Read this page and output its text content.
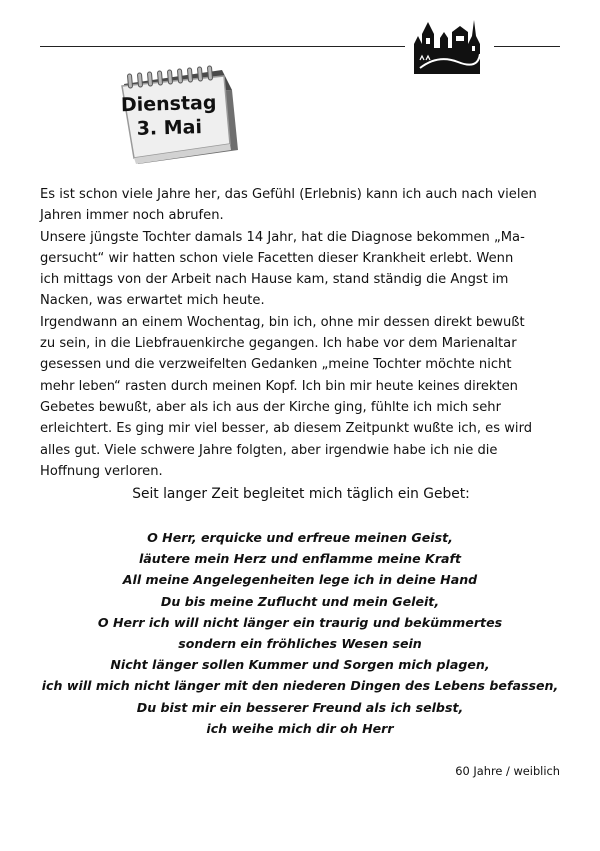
Dienstag
3. Mai
Es ist schon viele Jahre her, das Gefühl (Erlebnis) kann ich auch nach vielen
Jahren immer noch abrufen.
Unsere jüngste Tochter damals 14 Jahr, hat die Diagnose bekommen „Ma-
gersucht“ wir hatten schon viele Facetten dieser Krankheit erlebt. Wenn
ich mittags von der Arbeit nach Hause kam, stand ständig die Angst im
Nacken, was erwartet mich heute.
Irgendwann an einem Wochentag, bin ich, ohne mir dessen direkt bewußt
zu sein, in die Liebfrauenkirche gegangen. Ich habe vor dem Marienaltar
gesessen und die verzweifelten Gedanken „meine Tochter möchte nicht
mehr leben“ rasten durch meinen Kopf. Ich bin mir heute keines direkten
Gebetes bewußt, aber als ich aus der Kirche ging, fühlte ich mich sehr
erleichtert. Es ging mir viel besser, ab diesem Zeitpunkt wußte ich, es wird
alles gut. Viele schwere Jahre folgten, aber irgendwie habe ich nie die
Hoffnung verloren.
Seit langer Zeit begleitet mich täglich ein Gebet:
O Herr, erquicke und erfreue meinen Geist,
läutere mein Herz und enflamme meine Kraft
All meine Angelegenheiten lege ich in deine Hand
Du bis meine Zuflucht und mein Geleit,
O Herr ich will nicht länger ein traurig und bekümmertes
sondern ein fröhliches Wesen sein
Nicht länger sollen Kummer und Sorgen mich plagen,
ich will mich nicht länger mit den niederen Dingen des Lebens befassen,
Du bist mir ein besserer Freund als ich selbst,
ich weihe mich dir oh Herr
60 Jahre / weiblich
